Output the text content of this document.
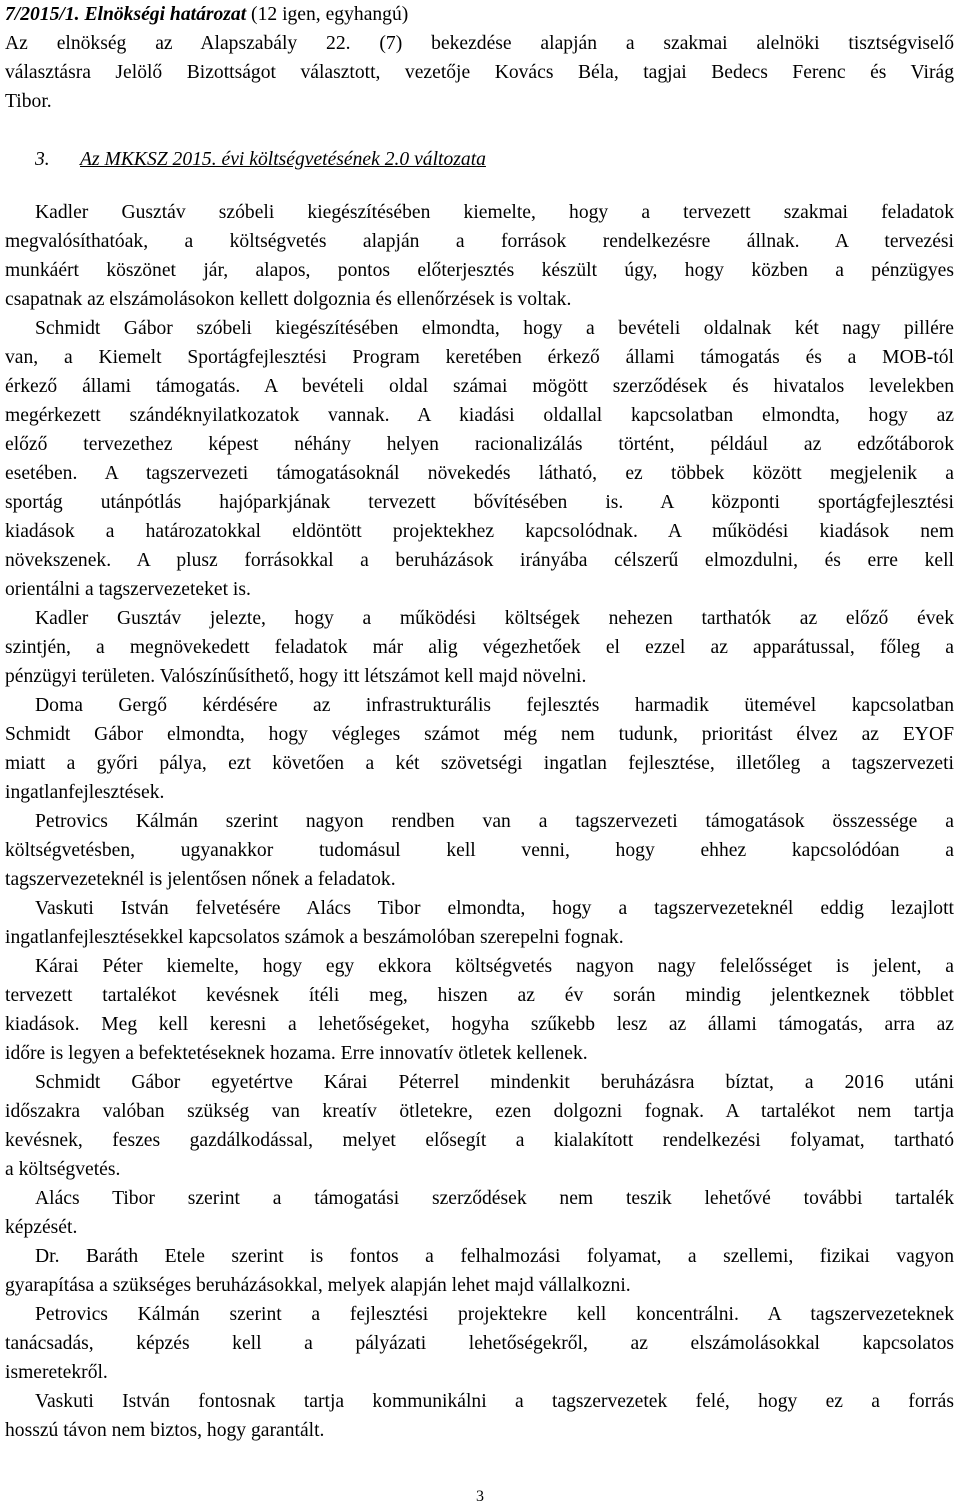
7/2015/1. Elnökségi határozat (12 igen, egyhangú)
Az elnökség az Alapszabály 22. (7) bekezdése alapján a szakmai alelnöki tisztségviselő
választásra Jelölő Bizottságot választott, vezetője Kovács Béla, tagjai Bedecs Ferenc és Virág
Tibor.
3. Az MKKSZ 2015. évi költségvetésének 2.0 változata
Kadler Gusztáv szóbeli kiegészítésében kiemelte, hogy a tervezett szakmai feladatok
megvalósíthatóak, a költségvetés alapján a források rendelkezésre állnak. A tervezési
munkáért köszönet jár, alapos, pontos előterjesztés készült úgy, hogy közben a pénzügyes
csapatnak az elszámolásokon kellett dolgoznia és ellenőrzések is voltak.
Schmidt Gábor szóbeli kiegészítésében elmondta, hogy a bevételi oldalnak két nagy pillére
van, a Kiemelt Sportágfejlesztési Program keretében érkező állami támogatás és a MOB-tól
érkező állami támogatás. A bevételi oldal számai mögött szerződések és hivatalos levelekben
megérkezett szándéknyilatkozatok vannak. A kiadási oldallal kapcsolatban elmondta, hogy az
előző tervezethez képest néhány helyen racionalizálás történt, például az edzőtáborok
esetében. A tagszervezeti támogatásoknál növekedés látható, ez többek között megjelenik a
sportág utánpótlás hajóparkjának tervezett bővítésében is. A központi sportágfejlesztési
kiadások a határozatokkal eldöntött projektekhez kapcsolódnak. A működési kiadások nem
növekszenek. A plusz forrásokkal a beruházások irányába célszerű elmozdulni, és erre kell
orientálni a tagszervezeteket is.
Kadler Gusztáv jelezte, hogy a működési költségek nehezen tarthatók az előző évek
szintjén, a megnövekedett feladatok már alig végezhetőek el ezzel az apparátussal, főleg a
pénzügyi területen. Valószínűsíthető, hogy itt létszámot kell majd növelni.
Doma Gergő kérdésére az infrastrukturális fejlesztés harmadik ütemével kapcsolatban
Schmidt Gábor elmondta, hogy végleges számot még nem tudunk, prioritást élvez az EYOF
miatt a győri pálya, ezt követően a két szövetségi ingatlan fejlesztése, illetőleg a tagszervezeti
ingatlanfejlesztések.
Petrovics Kálmán szerint nagyon rendben van a tagszervezeti támogatások összessége a
költségvetésben, ugyanakkor tudomásul kell venni, hogy ehhez kapcsolódóan a
tagszervezeteknél is jelentősen nőnek a feladatok.
Vaskuti István felvetésére Alács Tibor elmondta, hogy a tagszervezeteknél eddig lezajlott
ingatlanfejlesztésekkel kapcsolatos számok a beszámolóban szerepelni fognak.
Kárai Péter kiemelte, hogy egy ekkora költségvetés nagyon nagy felelősséget is jelent, a
tervezett tartalékot kevésnek ítéli meg, hiszen az év során mindig jelentkeznek többlet
kiadások. Meg kell keresni a lehetőségeket, hogyha szűkebb lesz az állami támogatás, arra az
időre is legyen a befektetéseknek hozama. Erre innovatív ötletek kellenek.
Schmidt Gábor egyetértve Kárai Péterrel mindenkit beruházásra bíztat, a 2016 utáni
időszakra valóban szükség van kreatív ötletekre, ezen dolgozni fognak. A tartalékot nem tartja
kevésnek, feszes gazdálkodással, melyet elősegít a kialakított rendelkezési folyamat, tartható
a költségvetés.
Alács Tibor szerint a támogatási szerződések nem teszik lehetővé további tartalék
képzését.
Dr. Baráth Etele szerint is fontos a felhalmozási folyamat, a szellemi, fizikai vagyon
gyarapítása a szükséges beruházásokkal, melyek alapján lehet majd vállalkozni.
Petrovics Kálmán szerint a fejlesztési projektekre kell koncentrálni. A tagszervezeteknek
tanácsadás, képzés kell a pályázati lehetőségekről, az elszámolásokkal kapcsolatos
ismeretekről.
Vaskuti István fontosnak tartja kommunikálni a tagszervezetek felé, hogy ez a forrás
hosszú távon nem biztos, hogy garantált.
3
